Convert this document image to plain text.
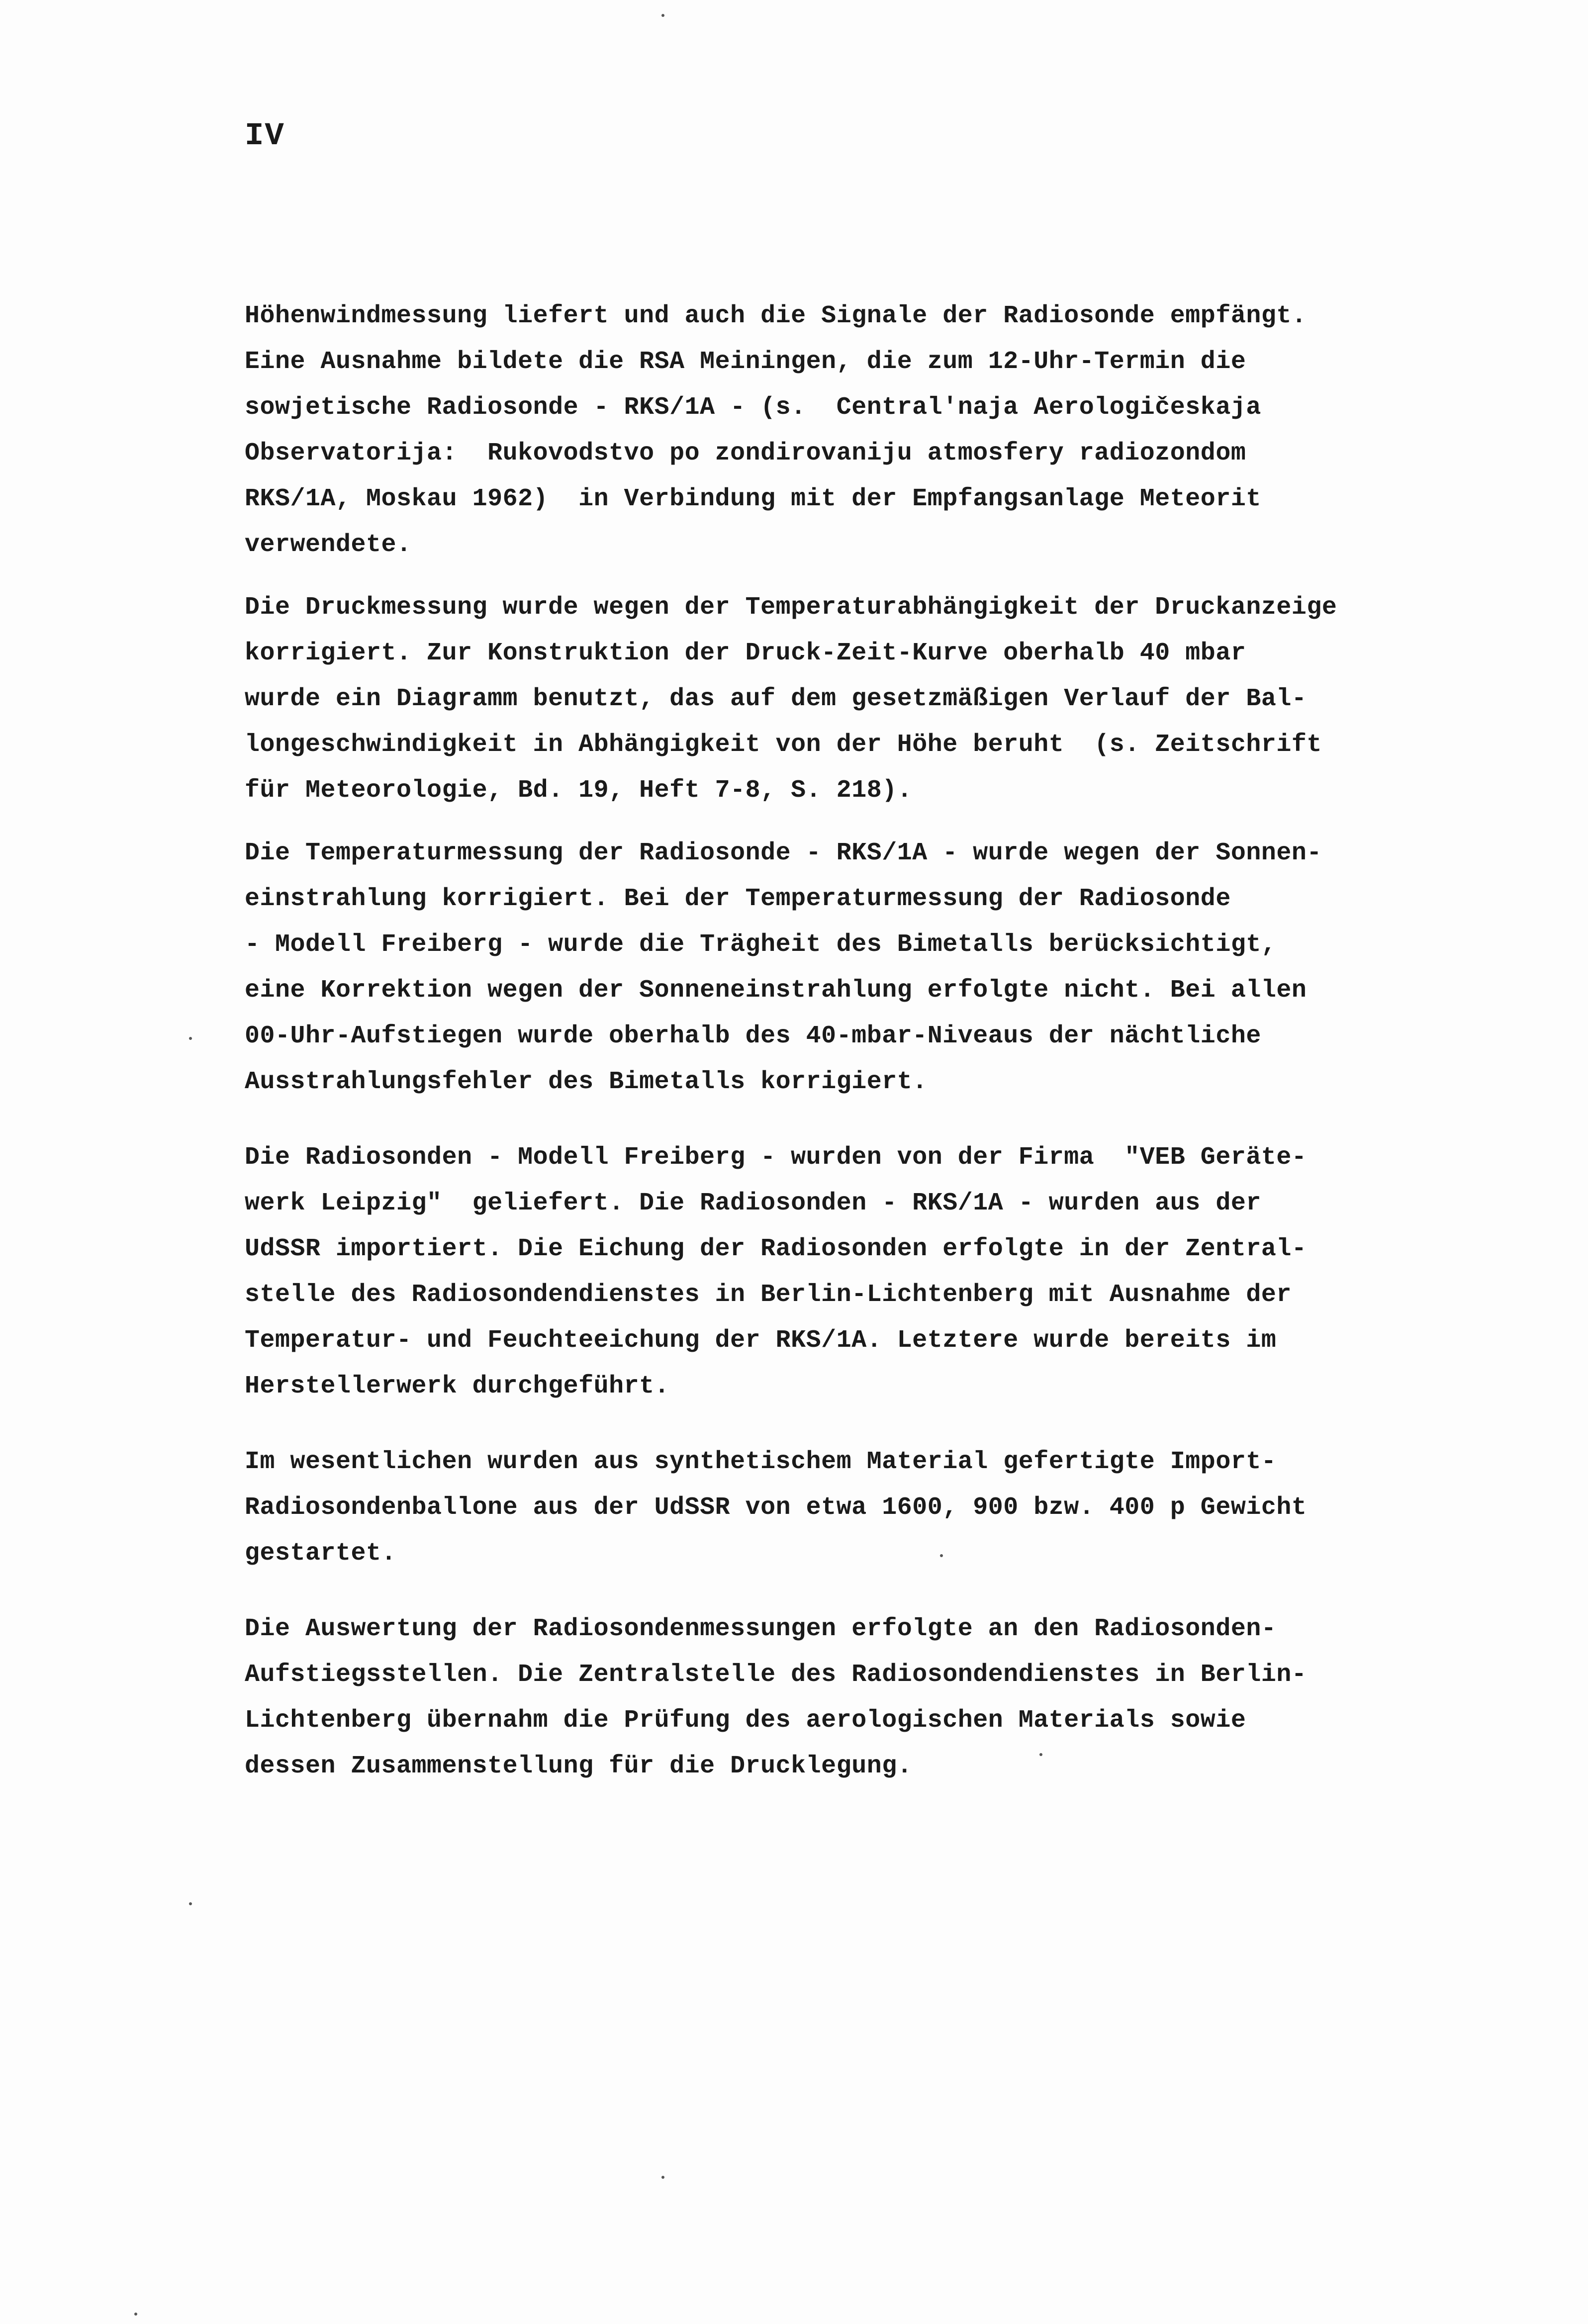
IV

Höhenwindmessung liefert und auch die Signale der Radiosonde empfängt.
Eine Ausnahme bildete die RSA Meiningen, die zum 12-Uhr-Termin die
sowjetische Radiosonde - RKS/1A - (s.  Central'naja Aerologičeskaja
Observatorija:  Rukovodstvo po zondirovaniju atmosfery radiozondom
RKS/1A, Moskau 1962)  in Verbindung mit der Empfangsanlage Meteorit
verwendete.

Die Druckmessung wurde wegen der Temperaturabhängigkeit der Druckanzeige
korrigiert. Zur Konstruktion der Druck-Zeit-Kurve oberhalb 40 mbar
wurde ein Diagramm benutzt, das auf dem gesetzmäßigen Verlauf der Bal-
longeschwindigkeit in Abhängigkeit von der Höhe beruht  (s. Zeitschrift
für Meteorologie, Bd. 19, Heft 7-8, S. 218).

Die Temperaturmessung der Radiosonde - RKS/1A - wurde wegen der Sonnen-
einstrahlung korrigiert. Bei der Temperaturmessung der Radiosonde
- Modell Freiberg - wurde die Trägheit des Bimetalls berücksichtigt,
eine Korrektion wegen der Sonneneinstrahlung erfolgte nicht. Bei allen
00-Uhr-Aufstiegen wurde oberhalb des 40-mbar-Niveaus der nächtliche
Ausstrahlungsfehler des Bimetalls korrigiert.

Die Radiosonden - Modell Freiberg - wurden von der Firma  "VEB Geräte-
werk Leipzig"  geliefert. Die Radiosonden - RKS/1A - wurden aus der
UdSSR importiert. Die Eichung der Radiosonden erfolgte in der Zentral-
stelle des Radiosondendienstes in Berlin-Lichtenberg mit Ausnahme der
Temperatur- und Feuchteeichung der RKS/1A. Letztere wurde bereits im
Herstellerwerk durchgeführt.

Im wesentlichen wurden aus synthetischem Material gefertigte Import-
Radiosondenballone aus der UdSSR von etwa 1600, 900 bzw. 400 p Gewicht
gestartet.

Die Auswertung der Radiosondenmessungen erfolgte an den Radiosonden-
Aufstiegsstellen. Die Zentralstelle des Radiosondendienstes in Berlin-
Lichtenberg übernahm die Prüfung des aerologischen Materials sowie
dessen Zusammenstellung für die Drucklegung.
